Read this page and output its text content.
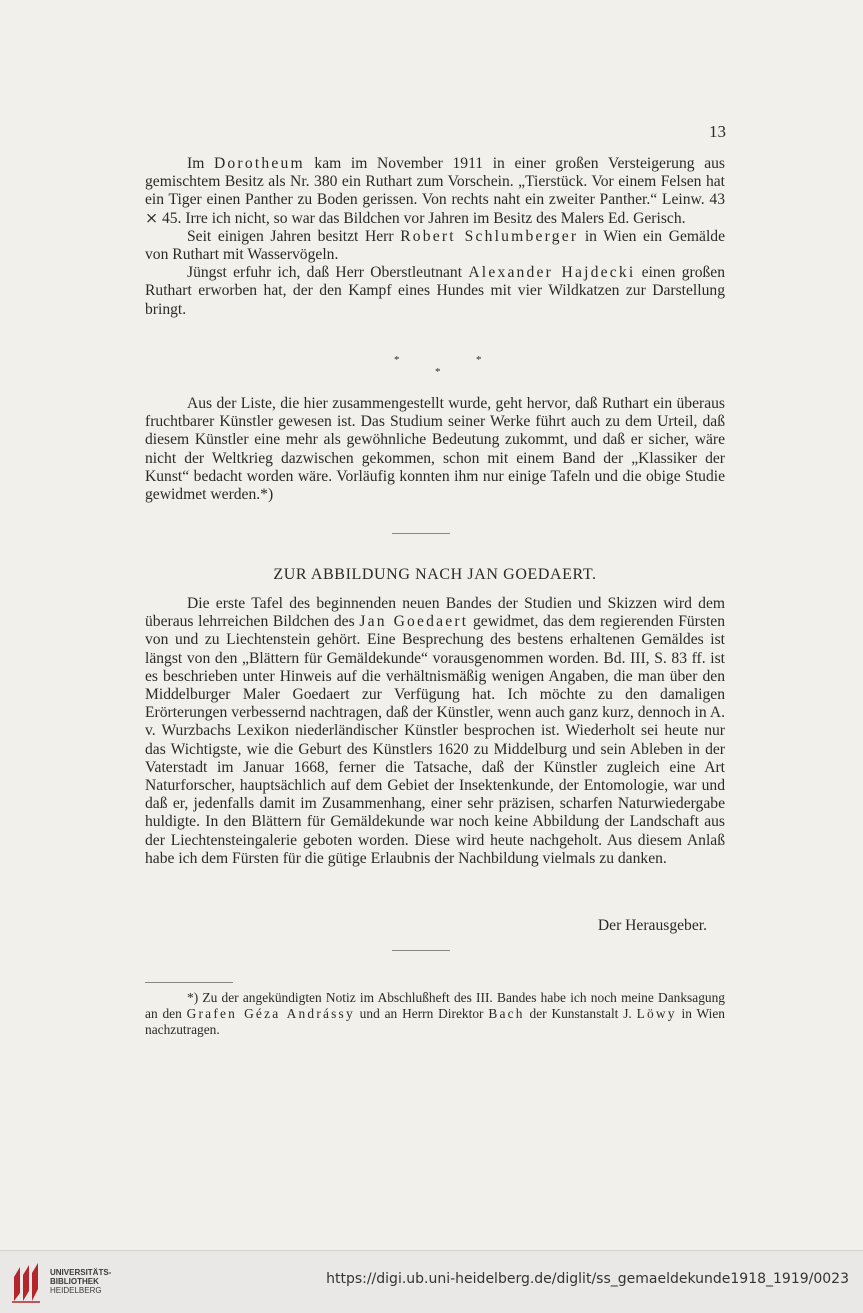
13

Im Dorotheum kam im November 1911 in einer großen Versteigerung aus gemischtem Besitz als Nr. 380 ein Ruthart zum Vorschein. „Tierstück. Vor einem Felsen hat ein Tiger einen Panther zu Boden gerissen. Von rechts naht ein zweiter Panther.“ Leinw. 43 ⨯ 45. Irre ich nicht, so war das Bildchen vor Jahren im Besitz des Malers Ed. Gerisch.

Seit einigen Jahren besitzt Herr Robert Schlumberger in Wien ein Gemälde von Ruthart mit Wasservögeln.

Jüngst erfuhr ich, daß Herr Oberstleutnant Alexander Hajdecki einen großen Ruthart erworben hat, der den Kampf eines Hundes mit vier Wildkatzen zur Darstellung bringt.

*	*
*

Aus der Liste, die hier zusammengestellt wurde, geht hervor, daß Ruthart ein überaus fruchtbarer Künstler gewesen ist. Das Studium seiner Werke führt auch zu dem Urteil, daß diesem Künstler eine mehr als gewöhnliche Bedeutung zukommt, und daß er sicher, wäre nicht der Weltkrieg dazwischen gekommen, schon mit einem Band der „Klassiker der Kunst“ bedacht worden wäre. Vorläufig konnten ihm nur einige Tafeln und die obige Studie gewidmet werden.*)

ZUR ABBILDUNG NACH JAN GOEDAERT.

Die erste Tafel des beginnenden neuen Bandes der Studien und Skizzen wird dem überaus lehrreichen Bildchen des Jan Goedaert gewidmet, das dem regierenden Fürsten von und zu Liechtenstein gehört. Eine Besprechung des bestens erhaltenen Gemäldes ist längst von den „Blättern für Gemäldekunde“ vorausgenommen worden. Bd. III, S. 83 ff. ist es beschrieben unter Hinweis auf die verhältnismäßig wenigen Angaben, die man über den Middelburger Maler Goedaert zur Verfügung hat. Ich möchte zu den damaligen Erörterungen verbessernd nachtragen, daß der Künstler, wenn auch ganz kurz, dennoch in A. v. Wurzbachs Lexikon niederländischer Künstler besprochen ist. Wiederholt sei heute nur das Wichtigste, wie die Geburt des Künstlers 1620 zu Middelburg und sein Ableben in der Vaterstadt im Januar 1668, ferner die Tatsache, daß der Künstler zugleich eine Art Naturforscher, hauptsächlich auf dem Gebiet der Insektenkunde, der Entomologie, war und daß er, jedenfalls damit im Zusammenhang, einer sehr präzisen, scharfen Naturwiedergabe huldigte. In den Blättern für Gemäldekunde war noch keine Abbildung der Landschaft aus der Liechtensteingalerie geboten worden. Diese wird heute nachgeholt. Aus diesem Anlaß habe ich dem Fürsten für die gütige Erlaubnis der Nachbildung vielmals zu danken.

Der Herausgeber.

*) Zu der angekündigten Notiz im Abschlußheft des III. Bandes habe ich noch meine Danksagung an den Grafen Géza Andrássy und an Herrn Direktor Bach der Kunstanstalt J. Löwy in Wien nachzutragen.

UNIVERSITÄTS-
BIBLIOTHEK
HEIDELBERG
https://digi.ub.uni-heidelberg.de/diglit/ss_gemaeldekunde1918_1919/0023
